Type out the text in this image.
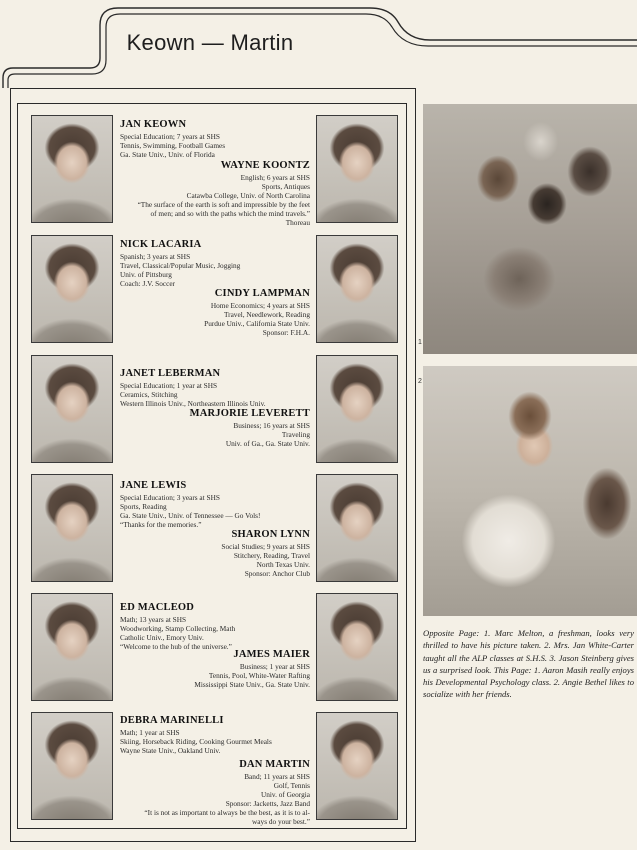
Keown — Martin
JAN KEOWN
Special Education; 7 years at SHS
Tennis, Swimming, Football Games
Ga. State Univ., Univ. of Florida
WAYNE KOONTZ
English; 6 years at SHS
Sports, Antiques
Catawba College, Univ. of North Carolina
“The surface of the earth is soft and impressible by the feet
of men; and so with the paths which the mind travels.”
Thoreau
NICK LACARIA
Spanish; 3 years at SHS
Travel, Classical/Popular Music, Jogging
Univ. of Pittsburg
Coach: J.V. Soccer
CINDY LAMPMAN
Home Economics; 4 years at SHS
Travel, Needlework, Reading
Purdue Univ., California State Univ.
Sponsor: F.H.A.
JANET LEBERMAN
Special Education; 1 year at SHS
Ceramics, Stitching
Western Illinois Univ., Northeastern Illinois Univ.
MARJORIE LEVERETT
Business; 16 years at SHS
Traveling
Univ. of Ga., Ga. State Univ.
JANE LEWIS
Special Education; 3 years at SHS
Sports, Reading
Ga. State Univ., Univ. of Tennessee — Go Vols!
“Thanks for the memories.”
SHARON LYNN
Social Studies; 9 years at SHS
Stitchery, Reading, Travel
North Texas Univ.
Sponsor: Anchor Club
ED MACLEOD
Math; 13 years at SHS
Woodworking, Stamp Collecting, Math
Catholic Univ., Emory Univ.
“Welcome to the hub of the universe.”
JAMES MAIER
Business; 1 year at SHS
Tennis, Pool, White-Water Rafting
Mississippi State Univ., Ga. State Univ.
DEBRA MARINELLI
Math; 1 year at SHS
Skiing, Horseback Riding, Cooking Gourmet Meals
Wayne State Univ., Oakland Univ.
DAN MARTIN
Band; 11 years at SHS
Golf, Tennis
Univ. of Georgia
Sponsor: Jacketts, Jazz Band
“It is not as important to always be the best, as it is to al-
ways do your best.”
1
2
Opposite Page: 1. Marc Melton, a freshman, looks very thrilled to have his picture taken. 2. Mrs. Jan White-Carter taught all the ALP classes at S.H.S. 3. Jason Steinberg gives us a surprised look. This Page: 1. Aaron Masih really enjoys his Developmental Psychology class. 2. Angie Bethel likes to socialize with her friends.
